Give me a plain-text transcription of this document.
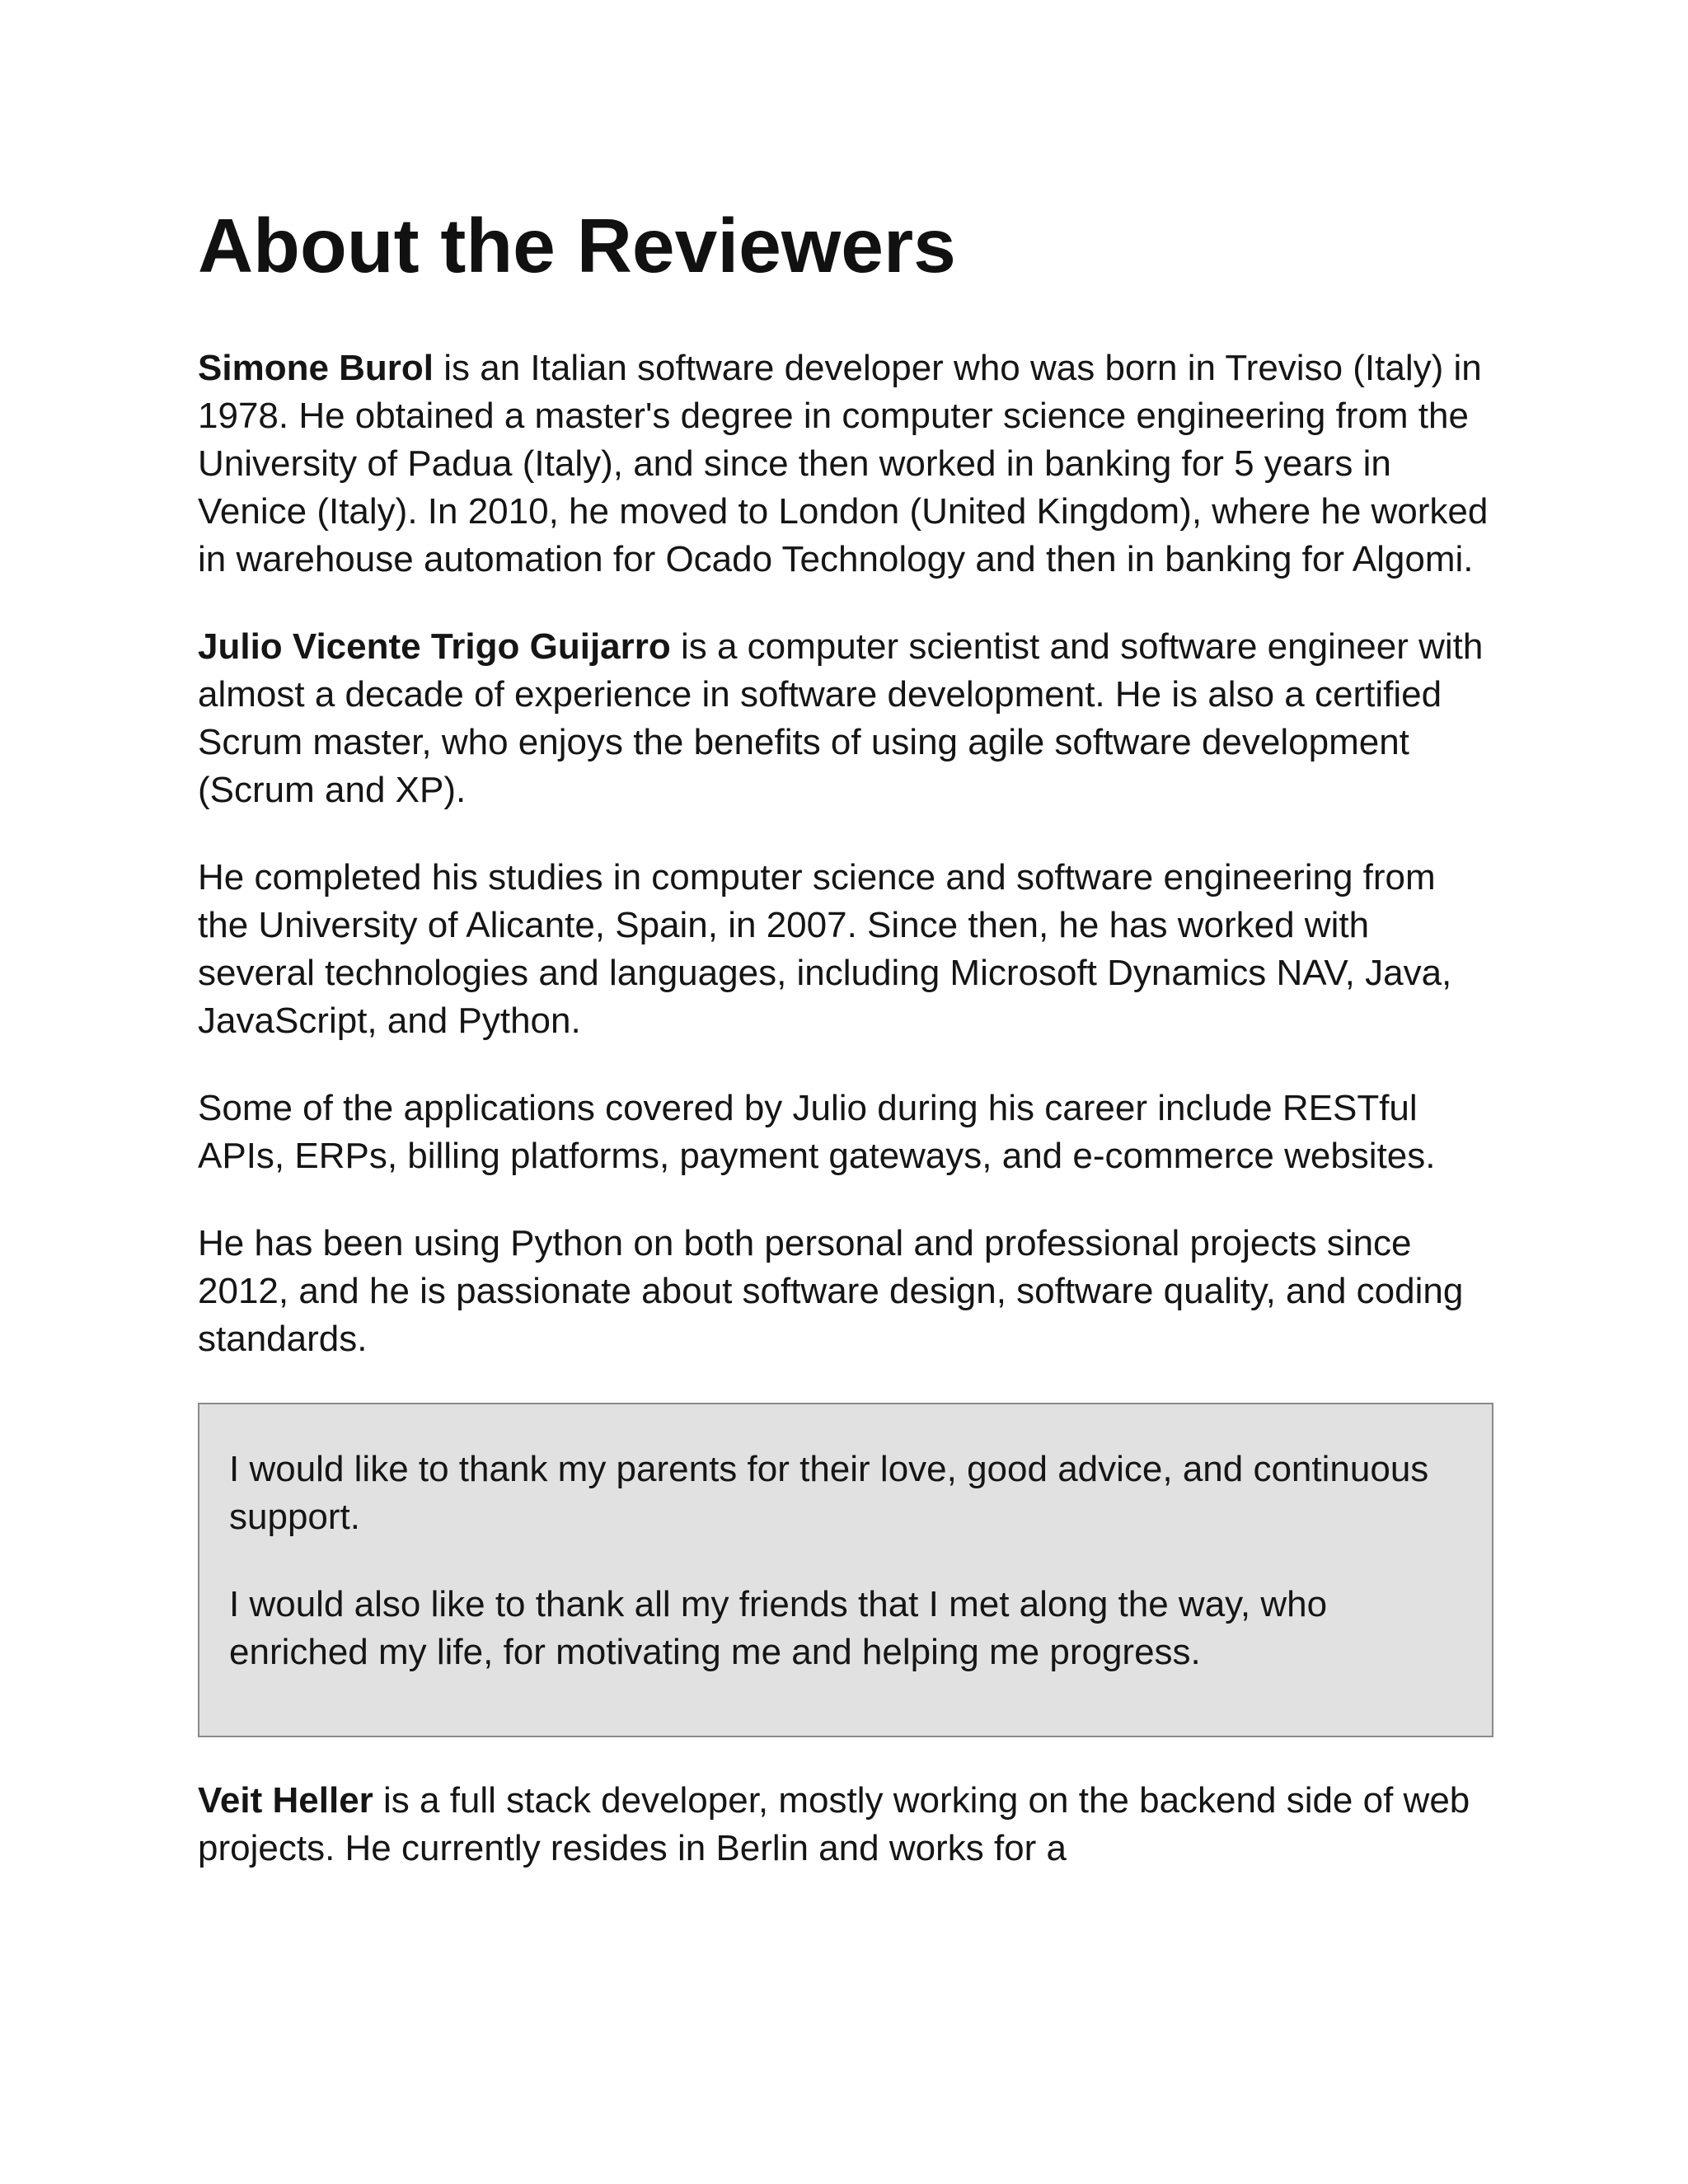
About the Reviewers

Simone Burol is an Italian software developer who was born in Treviso (Italy) in 1978. He obtained a master's degree in computer science engineering from the University of Padua (Italy), and since then worked in banking for 5 years in Venice (Italy). In 2010, he moved to London (United Kingdom), where he worked in warehouse automation for Ocado Technology and then in banking for Algomi.

Julio Vicente Trigo Guijarro is a computer scientist and software engineer with almost a decade of experience in software development. He is also a certified Scrum master, who enjoys the benefits of using agile software development (Scrum and XP).

He completed his studies in computer science and software engineering from the University of Alicante, Spain, in 2007. Since then, he has worked with several technologies and languages, including Microsoft Dynamics NAV, Java, JavaScript, and Python.

Some of the applications covered by Julio during his career include RESTful APIs, ERPs, billing platforms, payment gateways, and e-commerce websites.

He has been using Python on both personal and professional projects since 2012, and he is passionate about software design, software quality, and coding standards.

I would like to thank my parents for their love, good advice, and continuous support.

I would also like to thank all my friends that I met along the way, who enriched my life, for motivating me and helping me progress.

Veit Heller is a full stack developer, mostly working on the backend side of web projects. He currently resides in Berlin and works for a
